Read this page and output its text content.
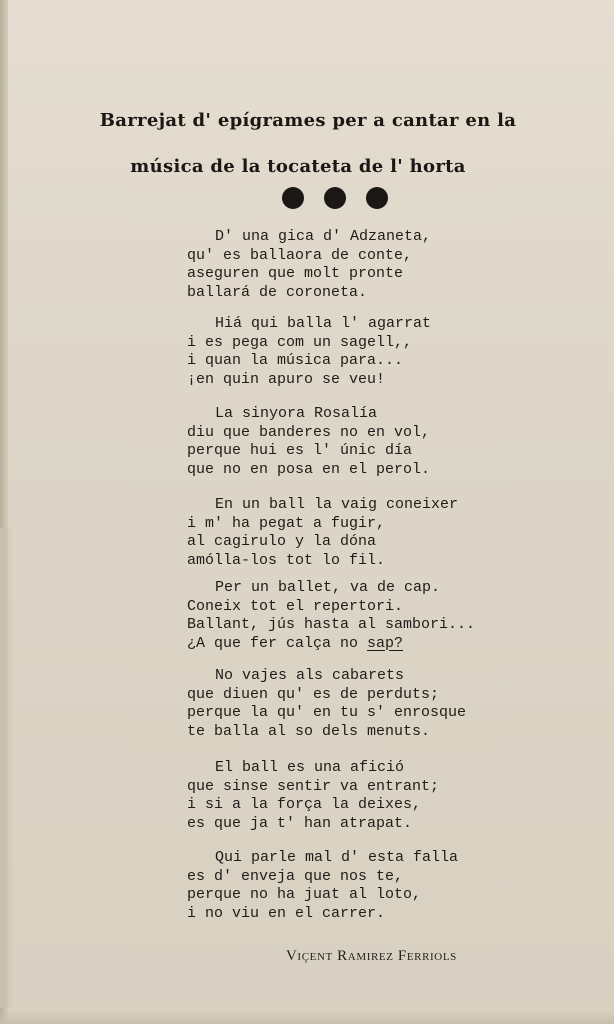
Barrejat d' epígrames per a cantar en la
música de la tocateta de l' horta

D' una gica d' Adzaneta,
qu' es ballaora de conte,
aseguren que molt pronte
ballará de coroneta.

Hiá qui balla l' agarrat
i es pega com un sagell,,
i quan la música para...
¡en quin apuro se veu!

La sinyora Rosalía
diu que banderes no en vol,
perque hui es l' únic día
que no en posa en el perol.

En un ball la vaig coneixer
i m' ha pegat a fugir,
al cagirulo y la dóna
amólla-los tot lo fil.

Per un ballet, va de cap.
Coneix tot el repertori.
Ballant, jús hasta al sambori...
¿A que fer calça no sap?

No vajes als cabarets
que diuen qu' es de perduts;
perque la qu' en tu s' enrosque
te balla al so dels menuts.

El ball es una afició
que sinse sentir va entrant;
i si a la força la deixes,
es que ja t' han atrapat.

Qui parle mal d' esta falla
es d' enveja que nos te,
perque no ha juat al loto,
i no viu en el carrer.

Viçent Ramirez Ferriols
